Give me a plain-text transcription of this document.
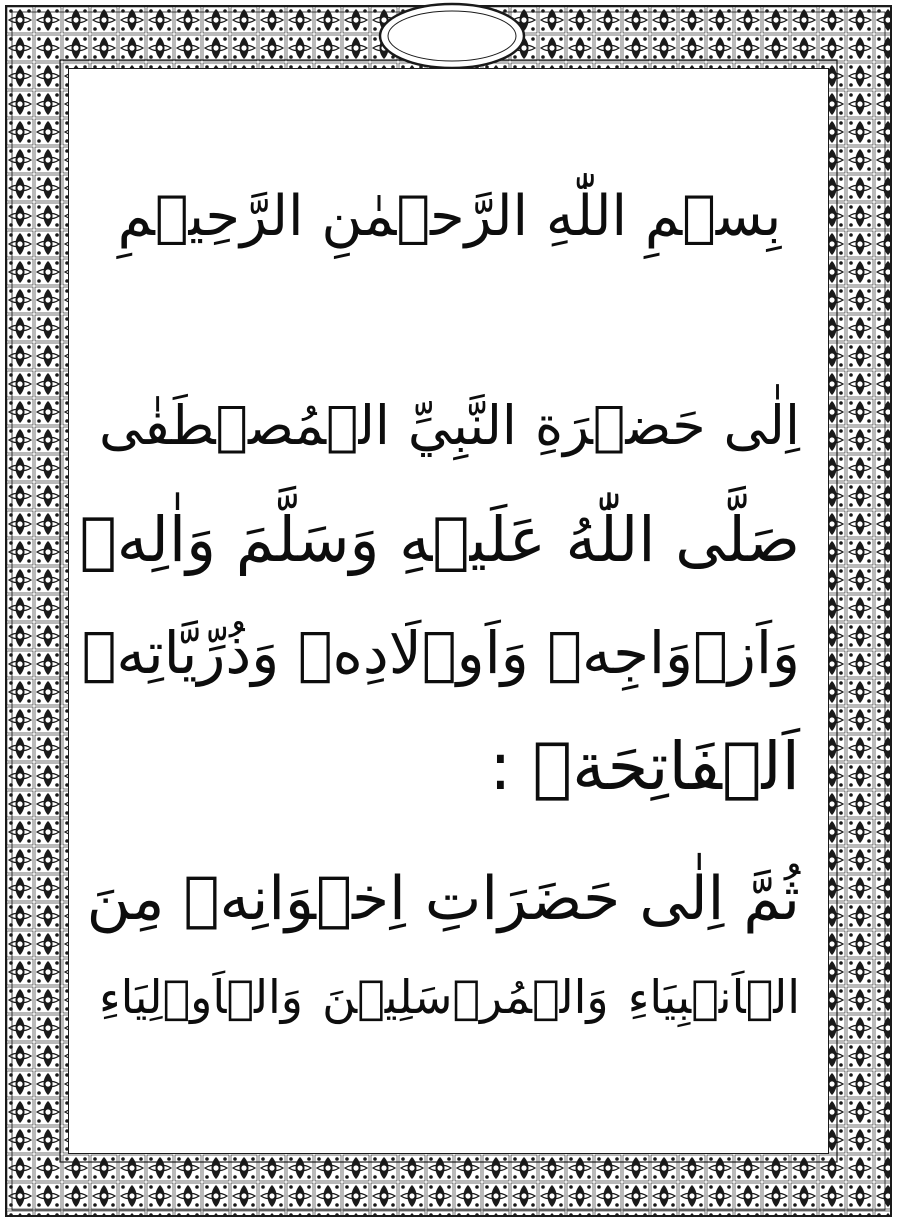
بِسۡمِ اللّٰهِ الرَّحۡمٰنِ الرَّحِيۡمِ
اِلٰى حَضۡرَةِ النَّبِيِّ الۡمُصۡطَفٰى
صَلَّى اللّٰهُ عَلَيۡهِ وَسَلَّمَ وَاٰلِهٖ
وَاَزۡوَاجِهٖ وَاَوۡلَادِهٖ وَذُرِّيَّاتِهٖ
اَلۡفَاتِحَةۡ :
ثُمَّ اِلٰى حَضَرَاتِ اِخۡوَانِهٖ مِنَ
الۡاَنۡبِيَاءِ وَالۡمُرۡسَلِيۡنَ وَالۡاَوۡلِيَاءِ
